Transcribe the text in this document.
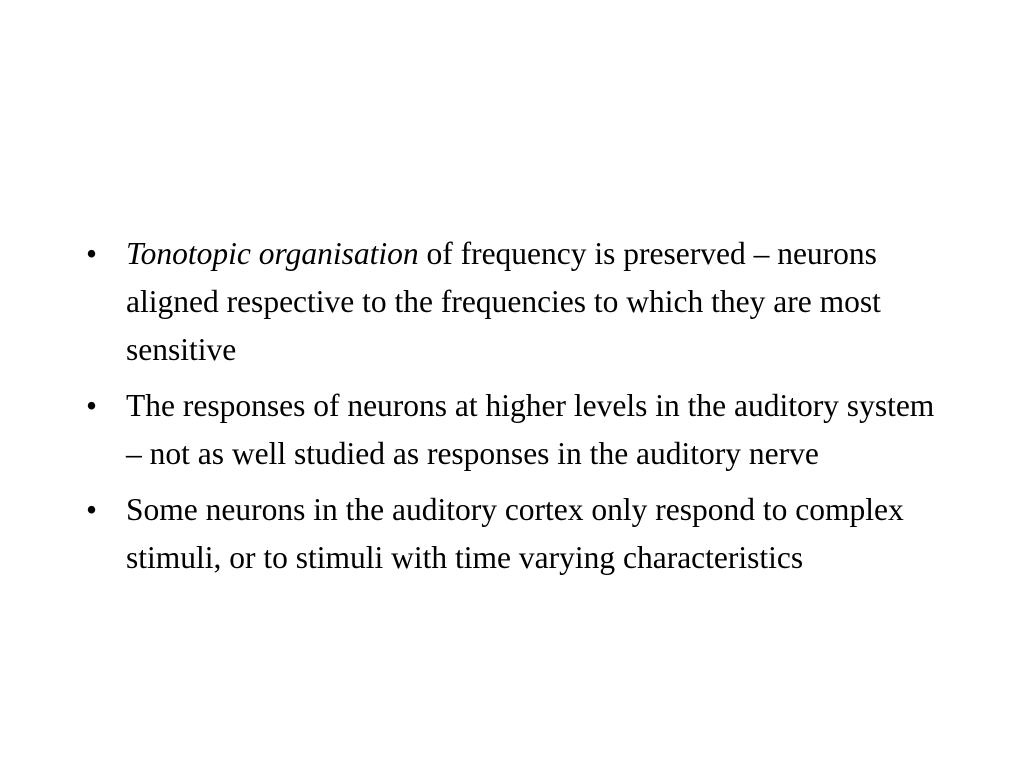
• Tonotopic organisation of frequency is preserved – neurons aligned respective to the frequencies to which they are most sensitive
• The responses of neurons at higher levels in the auditory system – not as well studied as responses in the auditory nerve
• Some neurons in the auditory cortex only respond to complex stimuli, or to stimuli with time varying characteristics
